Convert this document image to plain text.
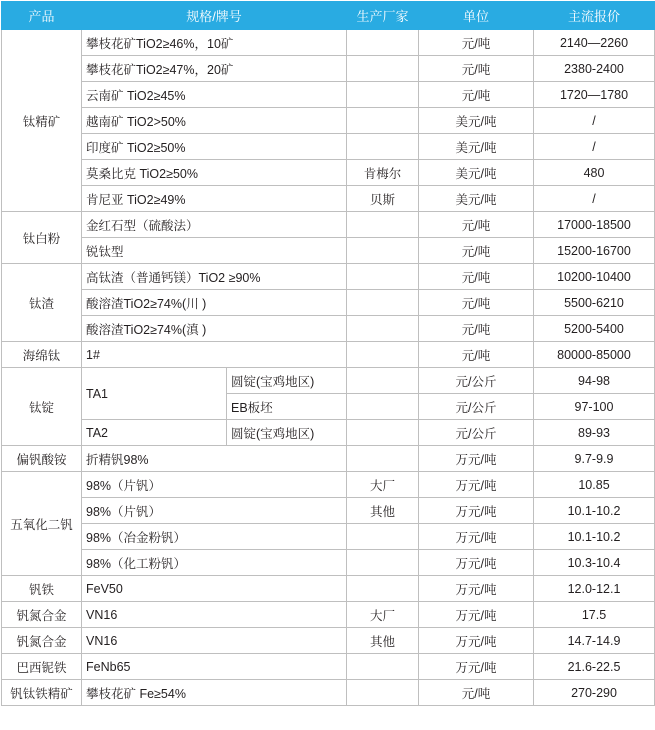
产品	规格/牌号		生产厂家	单位	主流报价	
钛精矿	攀枝花矿TiO2≥46%，10矿			元/吨	2140—2260	
	攀枝花矿TiO2≥47%，20矿			元/吨	2380-2400	
	云南矿 TiO2≥45%			元/吨	1720—1780	
	越南矿 TiO2>50%			美元/吨	/	
	印度矿 TiO2≥50%			美元/吨	/	
	莫桑比克 TiO2≥50%		肯梅尔	美元/吨	480	
	肯尼亚 TiO2≥49%		贝斯	美元/吨	/	
钛白粉	金红石型（硫酸法）			元/吨	17000-18500	
	锐钛型			元/吨	15200-16700	
钛渣	高钛渣（普通钙镁）TiO2 ≥90%			元/吨	10200-10400	
	酸溶渣TiO2≥74%(川 )			元/吨	5500-6210	
	酸溶渣TiO2≥74%(滇 )			元/吨	5200-5400	
海绵钛	1#			元/吨	80000-85000	
钛锭	TA1	圆锭(宝鸡地区)		元/公斤	94-98	
		EB板坯		元/公斤	97-100	
	TA2	圆锭(宝鸡地区)		元/公斤	89-93	
偏钒酸铵	折精钒98%			万元/吨	9.7-9.9	
五氧化二钒	98%（片钒）		大厂	万元/吨	10.85	
	98%（片钒）		其他	万元/吨	10.1-10.2	
	98%（冶金粉钒）			万元/吨	10.1-10.2	
	98%（化工粉钒）			万元/吨	10.3-10.4	
钒铁	FeV50			万元/吨	12.0-12.1	
钒氮合金	VN16		大厂	万元/吨	17.5	
钒氮合金	VN16		其他	万元/吨	14.7-14.9	
巴西铌铁	FeNb65			万元/吨	21.6-22.5	
钒钛铁精矿	攀枝花矿 Fe≥54%			元/吨	270-290	
